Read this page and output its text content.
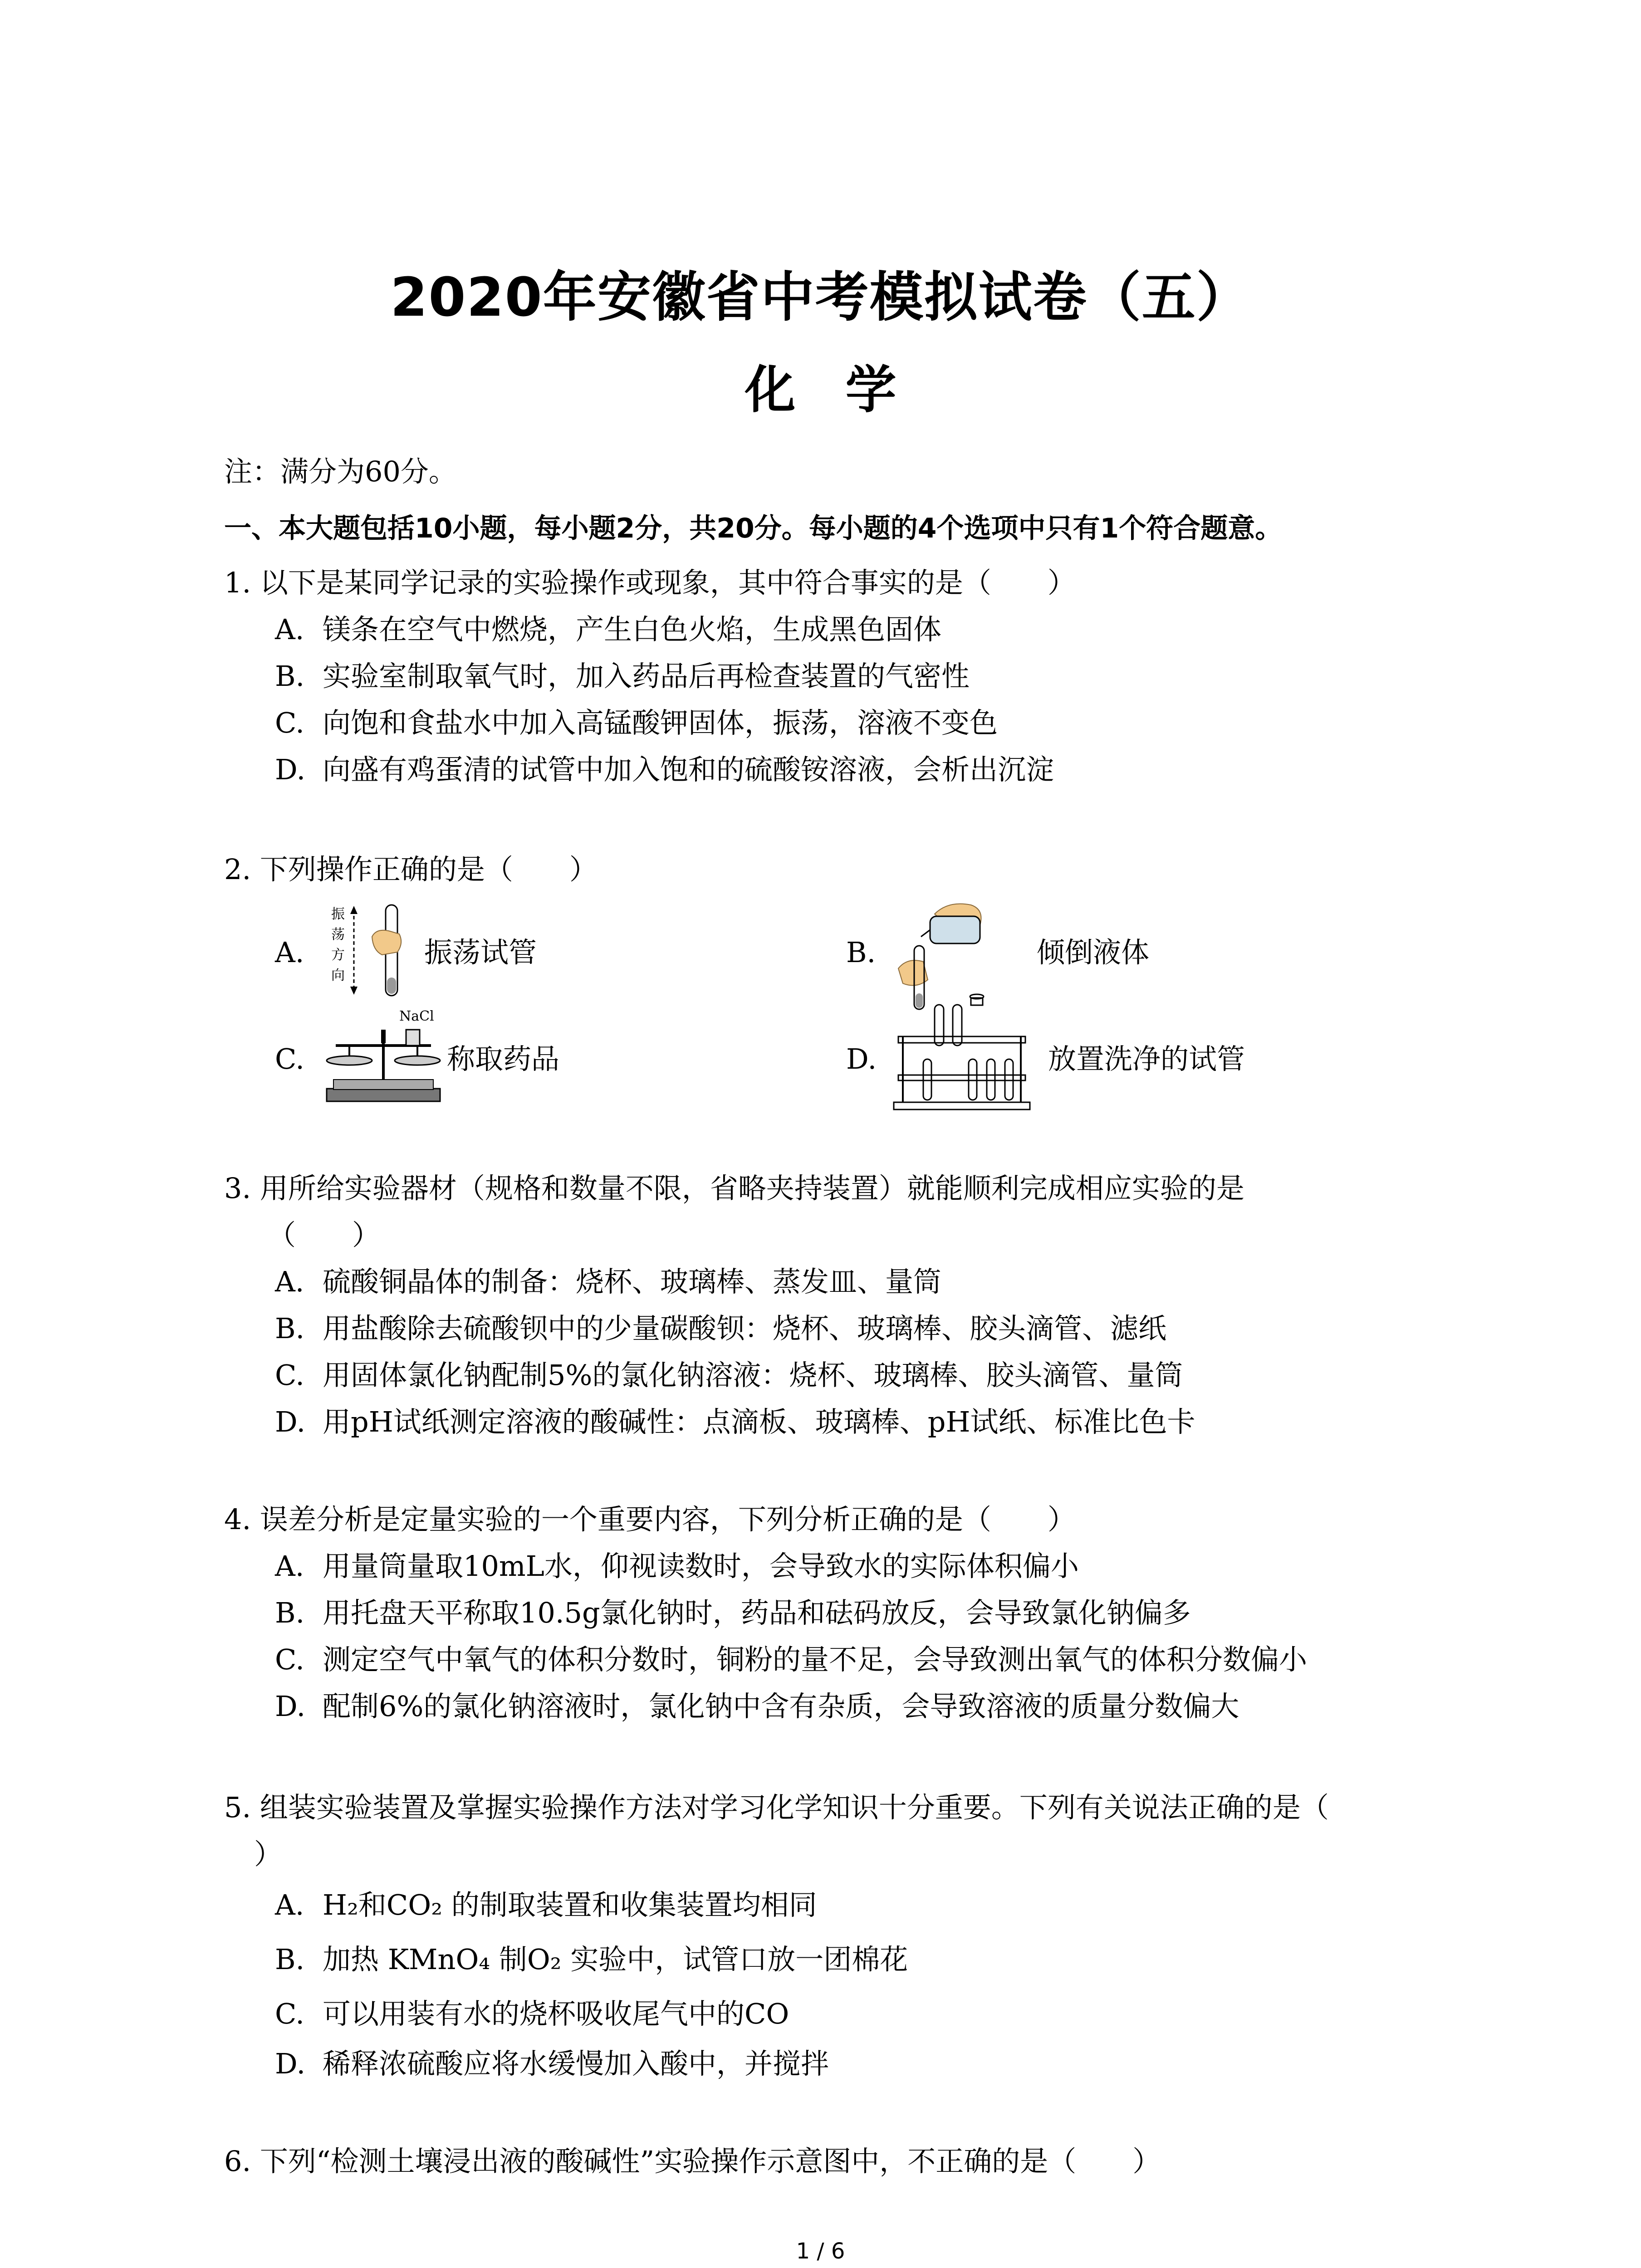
2020年安徽省中考模拟试卷（五）
化学
注：满分为60分。
一、本大题包括10小题，每小题2分，共20分。每小题的4个选项中只有1个符合题意。
1. 以下是某同学记录的实验操作或现象，其中符合事实的是（　　）
A. 镁条在空气中燃烧，产生白色火焰，生成黑色固体
B. 实验室制取氧气时，加入药品后再检查装置的气密性
C. 向饱和食盐水中加入高锰酸钾固体，振荡，溶液不变色
D. 向盛有鸡蛋清的试管中加入饱和的硫酸铵溶液，会析出沉淀
2. 下列操作正确的是（　　）
A.
振
荡
方
向
振荡试管	B.	倾倒液体
C.
NaCl
称取药品	D.	放置洗净的试管
3. 用所给实验器材（规格和数量不限，省略夹持装置）就能顺利完成相应实验的是
（　　）
A. 硫酸铜晶体的制备：烧杯、玻璃棒、蒸发皿、量筒
B. 用盐酸除去硫酸钡中的少量碳酸钡：烧杯、玻璃棒、胶头滴管、滤纸
C. 用固体氯化钠配制5%的氯化钠溶液：烧杯、玻璃棒、胶头滴管、量筒
D. 用pH试纸测定溶液的酸碱性：点滴板、玻璃棒、pH试纸、标准比色卡
4. 误差分析是定量实验的一个重要内容，下列分析正确的是（　　）
A. 用量筒量取10mL水，仰视读数时，会导致水的实际体积偏小
B. 用托盘天平称取10.5g氯化钠时，药品和砝码放反，会导致氯化钠偏多
C. 测定空气中氧气的体积分数时，铜粉的量不足，会导致测出氧气的体积分数偏小
D. 配制6%的氯化钠溶液时，氯化钠中含有杂质，会导致溶液的质量分数偏大
5. 组装实验装置及掌握实验操作方法对学习化学知识十分重要。下列有关说法正确的是（
）
A. H₂和CO₂ 的制取装置和收集装置均相同
B. 加热 KMnO₄ 制O₂ 实验中，试管口放一团棉花
C. 可以用装有水的烧杯吸收尾气中的CO
D. 稀释浓硫酸应将水缓慢加入酸中，并搅拌
6. 下列“检测土壤浸出液的酸碱性”实验操作示意图中，不正确的是（　　）
1 / 6
